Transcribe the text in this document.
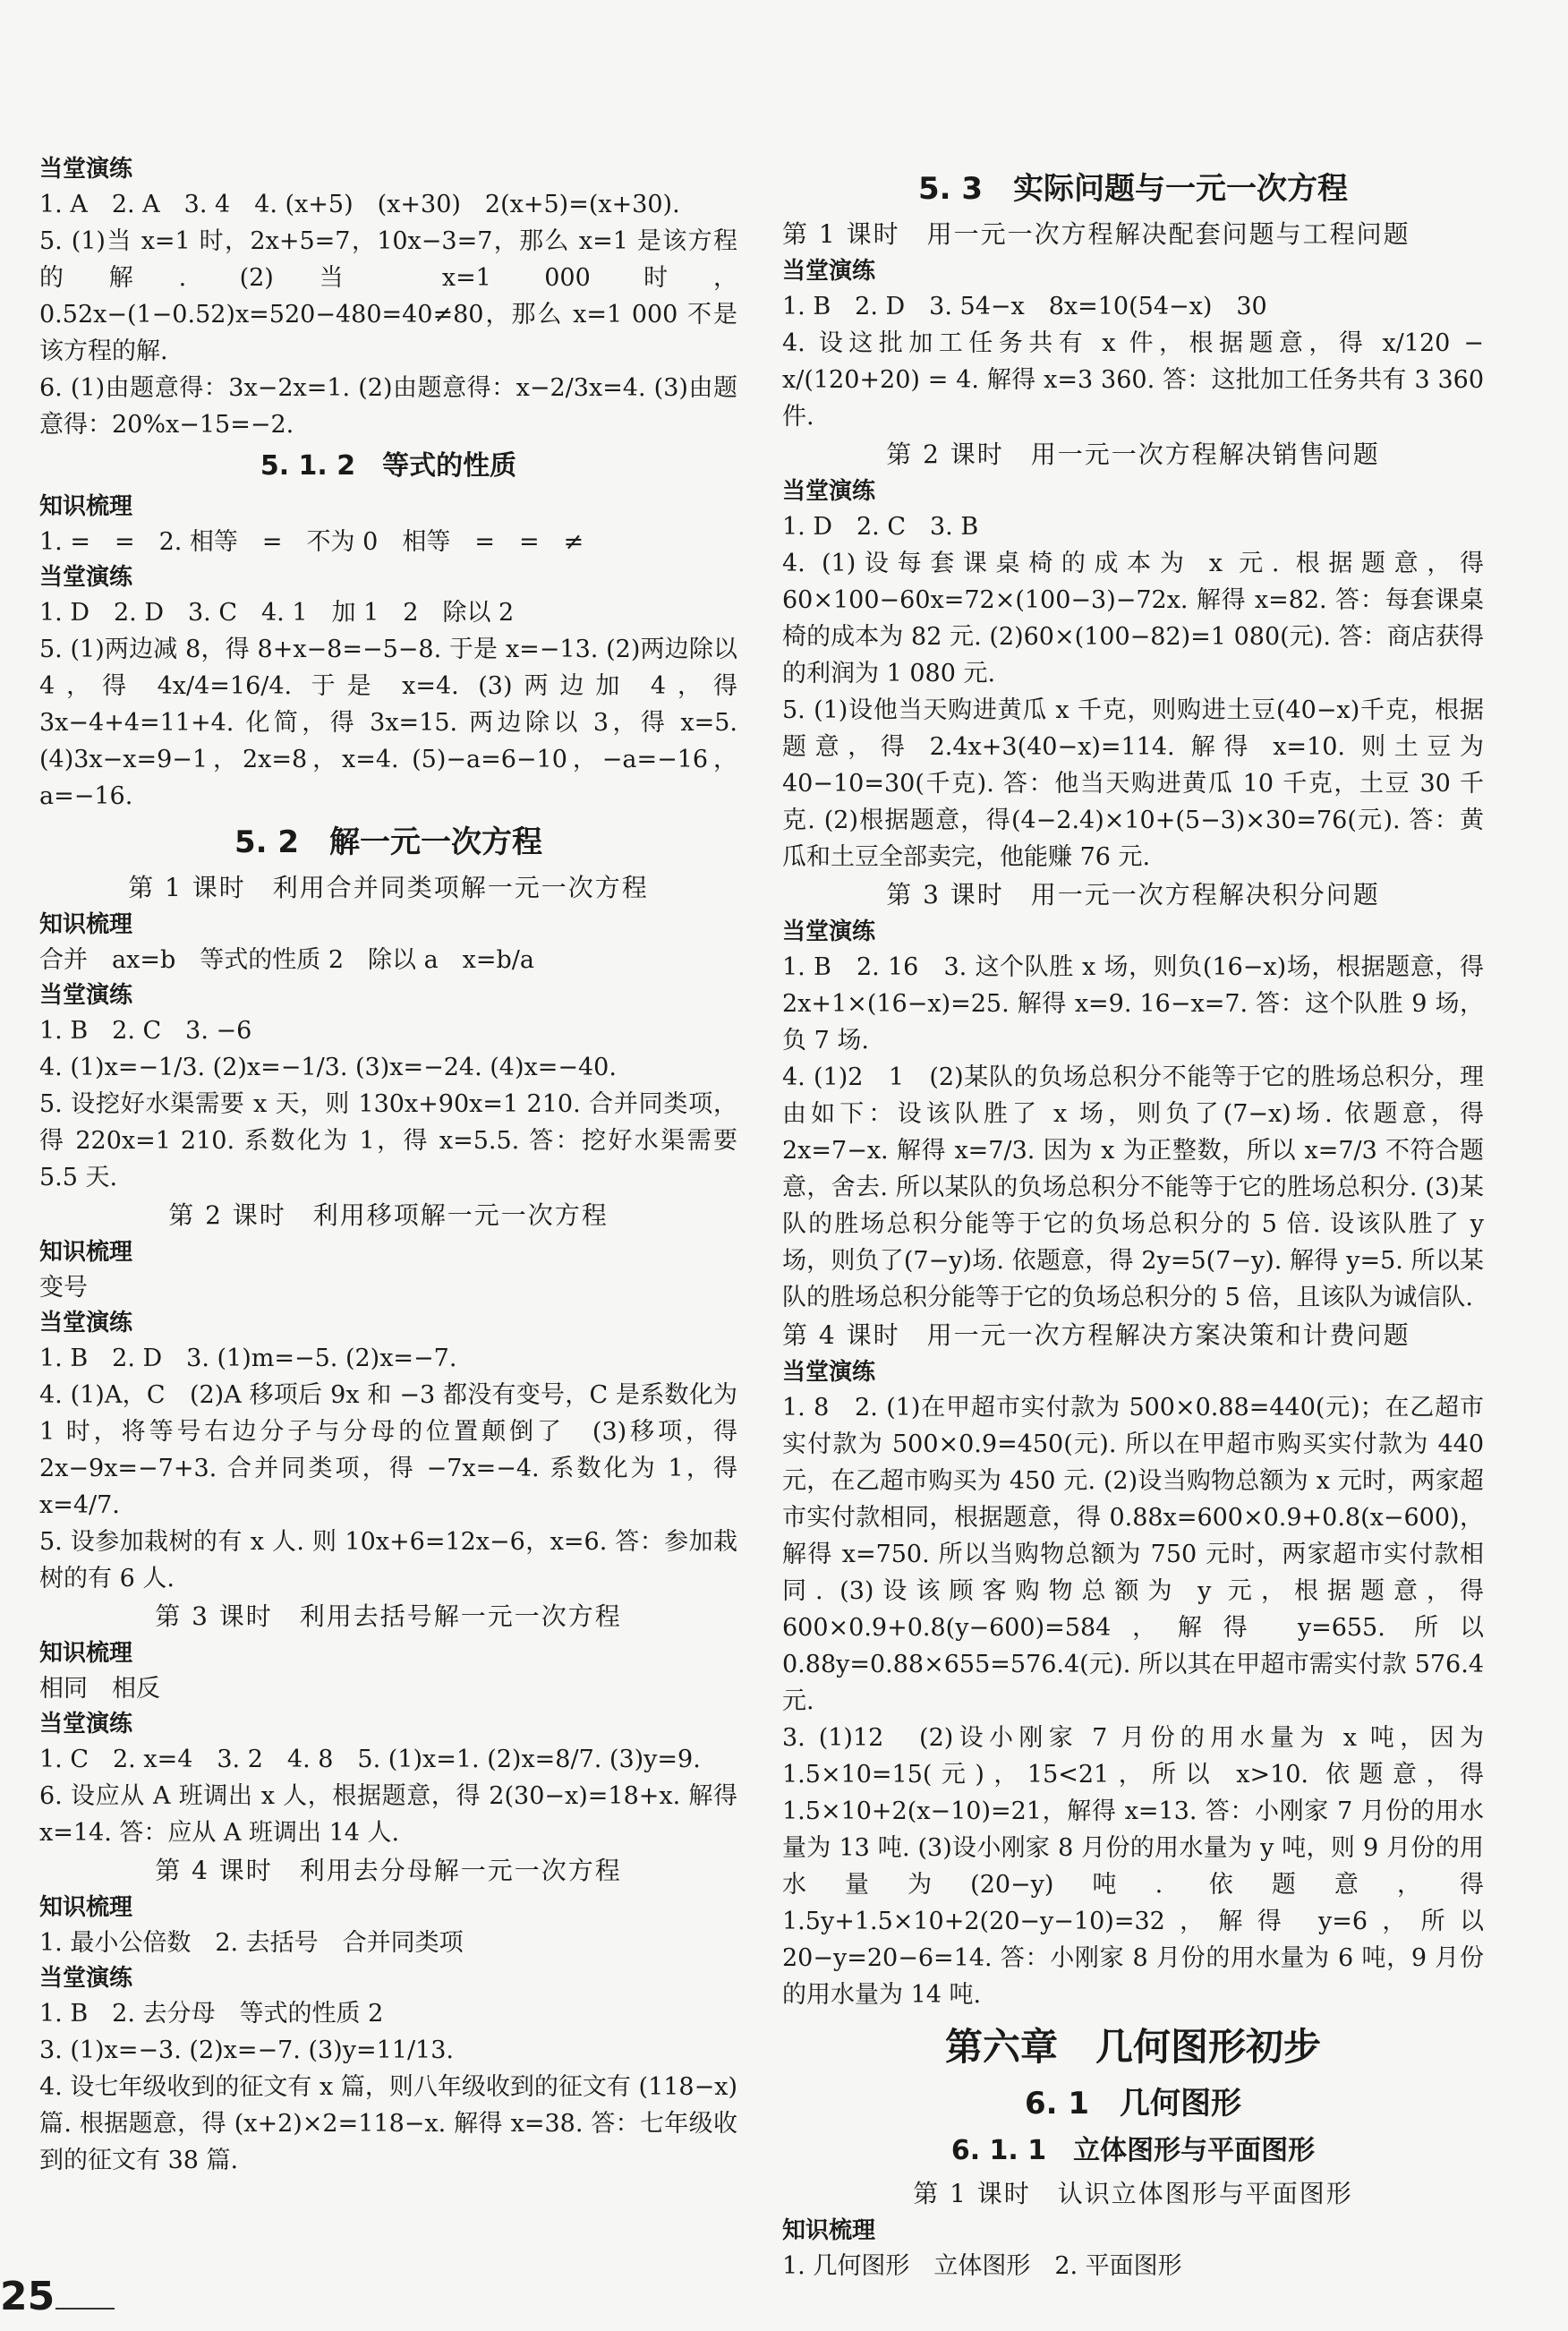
当堂演练
1. A　2. A　3. 4　4. (x+5)　(x+30)　2(x+5)=(x+30).
5. (1)当 x=1 时，2x+5=7，10x−3=7，那么 x=1 是该方程的解. (2)当 x=1 000 时，0.52x−(1−0.52)x=520−480=40≠80，那么 x=1 000 不是该方程的解.
6. (1)由题意得：3x−2x=1. (2)由题意得：x−2/3x=4. (3)由题意得：20%x−15=−2.
5. 1. 2　等式的性质
知识梳理
1. =　=　2. 相等　=　不为 0　相等　=　=　≠
当堂演练
1. D　2. D　3. C　4. 1　加 1　2　除以 2
5. (1)两边减 8，得 8+x−8=−5−8. 于是 x=−13. (2)两边除以 4，得 4x/4=16/4. 于是 x=4. (3)两边加 4，得 3x−4+4=11+4. 化简，得 3x=15. 两边除以 3，得 x=5. (4)3x−x=9−1，2x=8，x=4. (5)−a=6−10，−a=−16，a=−16.
5. 2　解一元一次方程
第 1 课时　利用合并同类项解一元一次方程
知识梳理
合并　ax=b　等式的性质 2　除以 a　x=b/a
当堂演练
1. B　2. C　3. −6
4. (1)x=−1/3. (2)x=−1/3. (3)x=−24. (4)x=−40.
5. 设挖好水渠需要 x 天，则 130x+90x=1 210. 合并同类项，得 220x=1 210. 系数化为 1，得 x=5.5. 答：挖好水渠需要 5.5 天.
第 2 课时　利用移项解一元一次方程
知识梳理
变号
当堂演练
1. B　2. D　3. (1)m=−5. (2)x=−7.
4. (1)A，C　(2)A 移项后 9x 和 −3 都没有变号，C 是系数化为 1 时，将等号右边分子与分母的位置颠倒了　(3)移项，得 2x−9x=−7+3. 合并同类项，得 −7x=−4. 系数化为 1，得 x=4/7.
5. 设参加栽树的有 x 人. 则 10x+6=12x−6，x=6. 答：参加栽树的有 6 人.
第 3 课时　利用去括号解一元一次方程
知识梳理
相同　相反
当堂演练
1. C　2. x=4　3. 2　4. 8　5. (1)x=1. (2)x=8/7. (3)y=9.
6. 设应从 A 班调出 x 人，根据题意，得 2(30−x)=18+x. 解得 x=14. 答：应从 A 班调出 14 人.
第 4 课时　利用去分母解一元一次方程
知识梳理
1. 最小公倍数　2. 去括号　合并同类项
当堂演练
1. B　2. 去分母　等式的性质 2
3. (1)x=−3. (2)x=−7. (3)y=11/13.
4. 设七年级收到的征文有 x 篇，则八年级收到的征文有 (118−x)篇. 根据题意，得 (x+2)×2=118−x. 解得 x=38. 答：七年级收到的征文有 38 篇.
5. 3　实际问题与一元一次方程
第 1 课时　用一元一次方程解决配套问题与工程问题
当堂演练
1. B　2. D　3. 54−x　8x=10(54−x)　30
4. 设这批加工任务共有 x 件，根据题意，得 x/120 − x/(120+20) = 4. 解得 x=3 360. 答：这批加工任务共有 3 360 件.
第 2 课时　用一元一次方程解决销售问题
当堂演练
1. D　2. C　3. B
4. (1)设每套课桌椅的成本为 x 元. 根据题意，得 60×100−60x=72×(100−3)−72x. 解得 x=82. 答：每套课桌椅的成本为 82 元. (2)60×(100−82)=1 080(元). 答：商店获得的利润为 1 080 元.
5. (1)设他当天购进黄瓜 x 千克，则购进土豆(40−x)千克，根据题意，得 2.4x+3(40−x)=114. 解得 x=10. 则土豆为 40−10=30(千克). 答：他当天购进黄瓜 10 千克，土豆 30 千克. (2)根据题意，得(4−2.4)×10+(5−3)×30=76(元). 答：黄瓜和土豆全部卖完，他能赚 76 元.
第 3 课时　用一元一次方程解决积分问题
当堂演练
1. B　2. 16　3. 这个队胜 x 场，则负(16−x)场，根据题意，得 2x+1×(16−x)=25. 解得 x=9. 16−x=7. 答：这个队胜 9 场，负 7 场.
4. (1)2　1　(2)某队的负场总积分不能等于它的胜场总积分，理由如下：设该队胜了 x 场，则负了(7−x)场. 依题意，得 2x=7−x. 解得 x=7/3. 因为 x 为正整数，所以 x=7/3 不符合题意，舍去. 所以某队的负场总积分不能等于它的胜场总积分. (3)某队的胜场总积分能等于它的负场总积分的 5 倍. 设该队胜了 y 场，则负了(7−y)场. 依题意，得 2y=5(7−y). 解得 y=5. 所以某队的胜场总积分能等于它的负场总积分的 5 倍，且该队为诚信队.
第 4 课时　用一元一次方程解决方案决策和计费问题
当堂演练
1. 8　2. (1)在甲超市实付款为 500×0.88=440(元)；在乙超市实付款为 500×0.9=450(元). 所以在甲超市购买实付款为 440 元，在乙超市购买为 450 元. (2)设当购物总额为 x 元时，两家超市实付款相同，根据题意，得 0.88x=600×0.9+0.8(x−600)，解得 x=750. 所以当购物总额为 750 元时，两家超市实付款相同. (3)设该顾客购物总额为 y 元，根据题意，得 600×0.9+0.8(y−600)=584，解得 y=655. 所以 0.88y=0.88×655=576.4(元). 所以其在甲超市需实付款 576.4 元.
3. (1)12　(2)设小刚家 7 月份的用水量为 x 吨，因为 1.5×10=15(元)，15<21，所以 x>10. 依题意，得 1.5×10+2(x−10)=21，解得 x=13. 答：小刚家 7 月份的用水量为 13 吨. (3)设小刚家 8 月份的用水量为 y 吨，则 9 月份的用水量为(20−y)吨. 依题意，得 1.5y+1.5×10+2(20−y−10)=32，解得 y=6，所以 20−y=20−6=14. 答：小刚家 8 月份的用水量为 6 吨，9 月份的用水量为 14 吨.
第六章　几何图形初步
6. 1　几何图形
6. 1. 1　立体图形与平面图形
第 1 课时　认识立体图形与平面图形
知识梳理
1. 几何图形　立体图形　2. 平面图形
25
